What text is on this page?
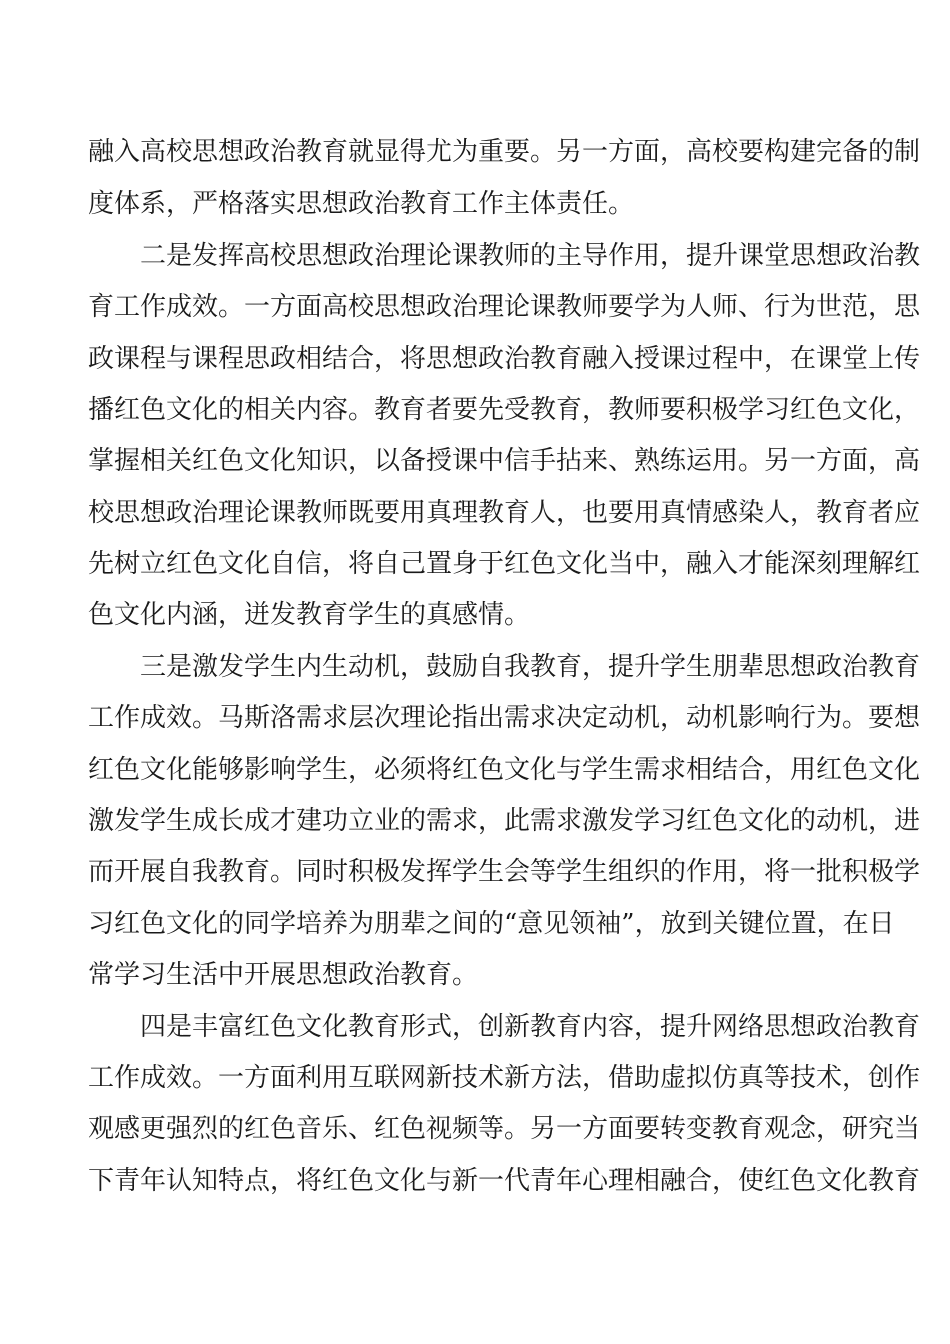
融入高校思想政治教育就显得尤为重要。另一方面，高校要构建完备的制
度体系，严格落实思想政治教育工作主体责任。
二是发挥高校思想政治理论课教师的主导作用，提升课堂思想政治教
育工作成效。一方面高校思想政治理论课教师要学为人师、行为世范，思
政课程与课程思政相结合，将思想政治教育融入授课过程中，在课堂上传
播红色文化的相关内容。教育者要先受教育，教师要积极学习红色文化，
掌握相关红色文化知识，以备授课中信手拈来、熟练运用。另一方面，高
校思想政治理论课教师既要用真理教育人，也要用真情感染人，教育者应
先树立红色文化自信，将自己置身于红色文化当中，融入才能深刻理解红
色文化内涵，迸发教育学生的真感情。
三是激发学生内生动机，鼓励自我教育，提升学生朋辈思想政治教育
工作成效。马斯洛需求层次理论指出需求决定动机，动机影响行为。要想
红色文化能够影响学生，必须将红色文化与学生需求相结合，用红色文化
激发学生成长成才建功立业的需求，此需求激发学习红色文化的动机，进
而开展自我教育。同时积极发挥学生会等学生组织的作用，将一批积极学
习红色文化的同学培养为朋辈之间的“意见领袖”，放到关键位置，在日
常学习生活中开展思想政治教育。
四是丰富红色文化教育形式，创新教育内容，提升网络思想政治教育
工作成效。一方面利用互联网新技术新方法，借助虚拟仿真等技术，创作
观感更强烈的红色音乐、红色视频等。另一方面要转变教育观念，研究当
下青年认知特点，将红色文化与新一代青年心理相融合，使红色文化教育
